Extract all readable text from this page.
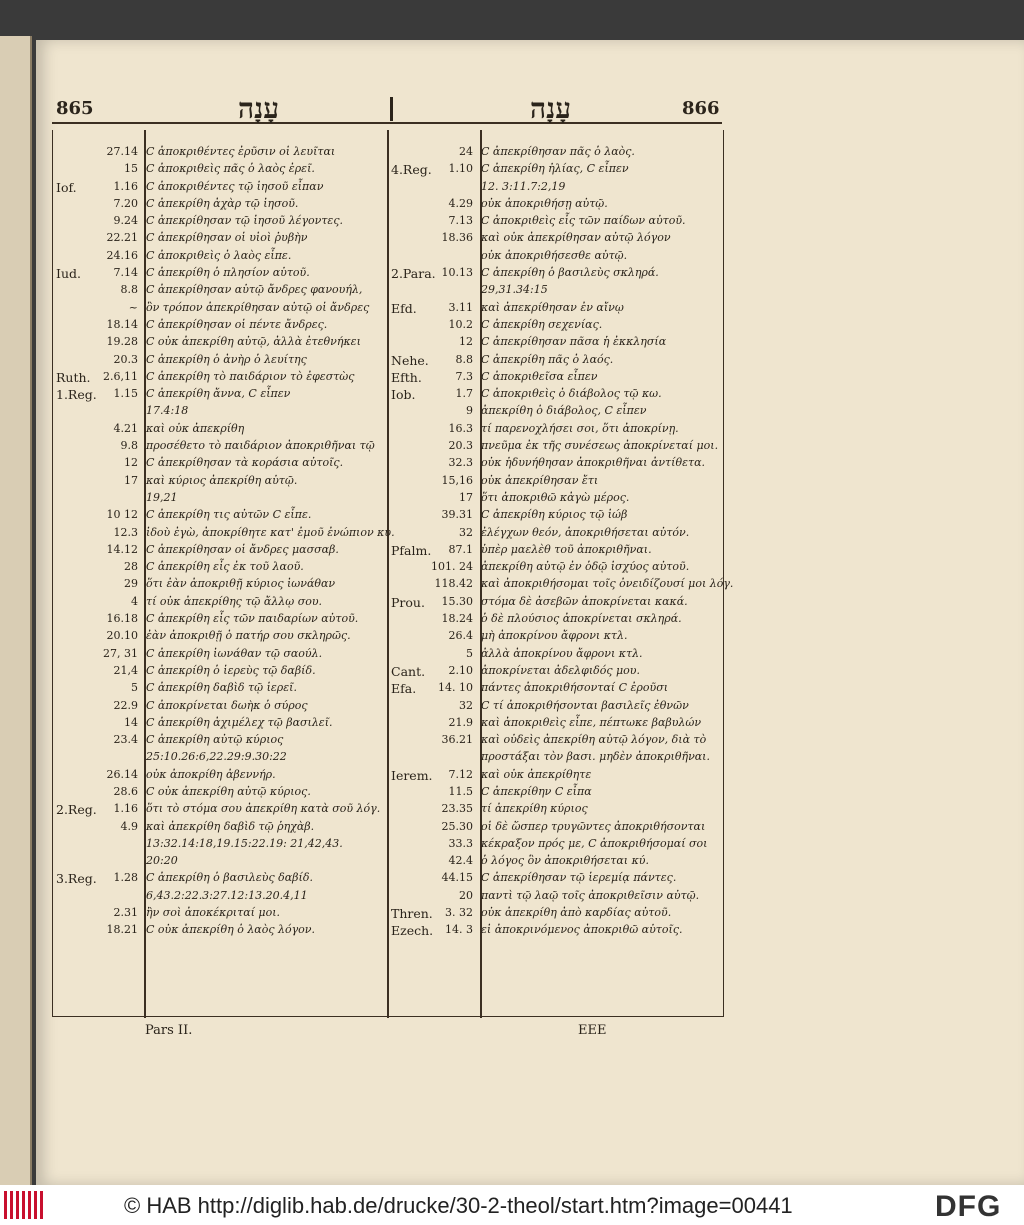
865	עָנָה	עָנָה	866
27.14 Ϲ ἀποκριθέντες ἐρῦσιν οἱ λευῖται
15 Ϲ ἀποκριθεὶς πᾶς ὁ λαὸς ἐρεῖ.
Iof.	1.16 Ϲ ἀποκριθέντες τῷ ἰησοῦ εἶπαν
7.20 Ϲ ἀπεκρίθη ἀχὰρ τῷ ἰησοῦ.
9.24 Ϲ ἀπεκρίθησαν τῷ ἰησοῦ λέγοντες.
22.21 Ϲ ἀπεκρίθησαν οἱ υἱοὶ ῥυβὴν
24.16 Ϲ ἀποκριθεὶς ὁ λαὸς εἶπε.
Iud.	7.14 Ϲ ἀπεκρίθη ὁ πλησίον αὐτοῦ.
8.8 Ϲ ἀπεκρίθησαν αὐτῷ ἄνδρες φανουήλ,
~ ὃν τρόπον ἀπεκρίθησαν αὐτῷ οἱ ἄνδρες
18.14 Ϲ ἀπεκρίθησαν οἱ πέντε ἄνδρες.
19.28 Ϲ οὐκ ἀπεκρίθη αὐτῷ, ἀλλὰ ἐτεθνήκει
20.3 Ϲ ἀπεκρίθη ὁ ἀνὴρ ὁ λευίτης
Ruth.	2.6,11 Ϲ ἀπεκρίθη τὸ παιδάριον τὸ ἐφεστὼς
1.Reg.	1.15 Ϲ ἀπεκρίθη ἄννα, Ϲ εἶπεν
17.4:18
4.21 καὶ οὐκ ἀπεκρίθη
9.8 προσέθετο τὸ παιδάριον ἀποκριθῆναι τῷ
12 Ϲ ἀπεκρίθησαν τὰ κοράσια αὐτοῖς.
17 καὶ κύριος ἀπεκρίθη αὐτῷ.
19,21
10 12 Ϲ ἀπεκρίθη τις αὐτῶν Ϲ εἶπε.
12.3 ἰδοὺ ἐγὼ, ἀποκρίθητε κατ' ἐμοῦ ἐνώπιον κυ.
14.12 Ϲ ἀπεκρίθησαν οἱ ἄνδρες μασσαβ.
28 Ϲ ἀπεκρίθη εἷς ἐκ τοῦ λαοῦ.
29 ὅτι ἐὰν ἀποκριθῇ κύριος ἰωνάθαν
4 τί οὐκ ἀπεκρίθης τῷ ἄλλῳ σου.
16.18 Ϲ ἀπεκρίθη εἷς τῶν παιδαρίων αὐτοῦ.
20.10 ἐὰν ἀποκριθῇ ὁ πατήρ σου σκληρῶς.
27, 31 Ϲ ἀπεκρίθη ἰωνάθαν τῷ σαούλ.
21,4 Ϲ ἀπεκρίθη ὁ ἱερεὺς τῷ δαβίδ.
5 Ϲ ἀπεκρίθη δαβὶδ τῷ ἱερεῖ.
22.9 Ϲ ἀποκρίνεται δωὴκ ὁ σύρος
14 Ϲ ἀπεκρίθη ἀχιμέλεχ τῷ βασιλεῖ.
23.4 Ϲ ἀπεκρίθη αὐτῷ κύριος
25:10.26:6,22.29:9.30:22
26.14 οὐκ ἀποκρίθη ἀβεννήρ.
28.6 Ϲ οὐκ ἀπεκρίθη αὐτῷ κύριος.
2.Reg.	1.16 ὅτι τὸ στόμα σου ἀπεκρίθη κατὰ σοῦ λόγ.
4.9 καὶ ἀπεκρίθη δαβὶδ τῷ ῥηχὰβ.
13:32.14:18,19.15:22.19: 21,42,43.
20:20
3.Reg.	1.28 Ϲ ἀπεκρίθη ὁ βασιλεὺς δαβίδ.
6,43.2:22.3:27.12:13.20.4,11
2.31 ἢν σοὶ ἀποκέκριταί μοι.
18.21 Ϲ οὐκ ἀπεκρίθη ὁ λαὸς λόγον.
24 Ϲ ἀπεκρίθησαν πᾶς ὁ λαὸς.
4.Reg.	1.10 Ϲ ἀπεκρίθη ἠλίας, Ϲ εἶπεν
12. 3:11.7:2,19
4.29 οὐκ ἀποκριθήσῃ αὐτῷ.
7.13 Ϲ ἀποκριθεὶς εἷς τῶν παίδων αὐτοῦ.
18.36 καὶ οὐκ ἀπεκρίθησαν αὐτῷ λόγον
οὐκ ἀποκριθήσεσθε αὐτῷ.
2.Para. 10.13 Ϲ ἀπεκρίθη ὁ βασιλεὺς σκληρά.
29,31.34:15
Efd.	3.11 καὶ ἀπεκρίθησαν ἐν αἴνῳ
10.2 Ϲ ἀπεκρίθη σεχενίας.
12 Ϲ ἀπεκρίθησαν πᾶσα ἡ ἐκκλησία
Nehe.	8.8 Ϲ ἀπεκρίθη πᾶς ὁ λαός.
Efth.	7.3 Ϲ ἀποκριθεῖσα εἶπεν
Iob.	1.7 Ϲ ἀποκριθεὶς ὁ διάβολος τῷ κω.
9 ἀπεκρίθη ὁ διάβολος, Ϲ εἶπεν
16.3 τί παρενοχλήσει σοι, ὅτι ἀποκρίνῃ.
20.3 πνεῦμα ἐκ τῆς συνέσεως ἀποκρίνεταί μοι.
32.3 οὐκ ἠδυνήθησαν ἀποκριθῆναι ἀντίθετα.
15,16 οὐκ ἀπεκρίθησαν ἔτι
17 ὅτι ἀποκριθῶ κἀγὼ μέρος.
39.31 Ϲ ἀπεκρίθη κύριος τῷ ἰώβ
32 ἐλέγχων θεόν, ἀποκριθήσεται αὐτόν.
Pfalm.	87.1 ὑπὲρ μαελὲθ τοῦ ἀποκριθῆναι.
101. 24 ἀπεκρίθη αὐτῷ ἐν ὁδῷ ἰσχύος αὐτοῦ.
118.42 καὶ ἀποκριθήσομαι τοῖς ὀνειδίζουσί μοι λόγ.
Prou.	15.30 στόμα δὲ ἀσεβῶν ἀποκρίνεται κακά.
18.24 ὁ δὲ πλούσιος ἀποκρίνεται σκληρά.
26.4 μὴ ἀποκρίνου ἄφρονι κτλ.
5 ἀλλὰ ἀποκρίνου ἄφρονι κτλ.
Cant.	2.10 ἀποκρίνεται ἀδελφιδός μου.
Efa.	14. 10 πάντες ἀποκριθήσονταί Ϲ ἐροῦσι
32 Ϲ τί ἀποκριθήσονται βασιλεῖς ἐθνῶν
21.9 καὶ ἀποκριθεὶς εἶπε, πέπτωκε βαβυλών
36.21 καὶ οὐδεὶς ἀπεκρίθη αὐτῷ λόγον, διὰ τὸ
προστάξαι τὸν βασι. μηδὲν ἀποκριθῆναι.
Ierem.	7.12 καὶ οὐκ ἀπεκρίθητε
11.5 Ϲ ἀπεκρίθην Ϲ εἶπα
23.35 τί ἀπεκρίθη κύριος
25.30 οἱ δὲ ὥσπερ τρυγῶντες ἀποκριθήσονται
33.3 κέκραξον πρός με, Ϲ ἀποκριθήσομαί σοι
42.4 ὁ λόγος ὃν ἀποκριθήσεται κύ.
44.15 Ϲ ἀπεκρίθησαν τῷ ἱερεμίᾳ πάντες.
20 παντὶ τῷ λαῷ τοῖς ἀποκριθεῖσιν αὐτῷ.
Thren.	3. 32 οὐκ ἀπεκρίθη ἀπὸ καρδίας αὐτοῦ.
Ezech.	14. 3 εἰ ἀποκρινόμενος ἀποκριθῶ αὐτοῖς.
Pars II.	EEE
© HAB http://diglib.hab.de/drucke/30-2-theol/start.htm?image=00441	DFG
